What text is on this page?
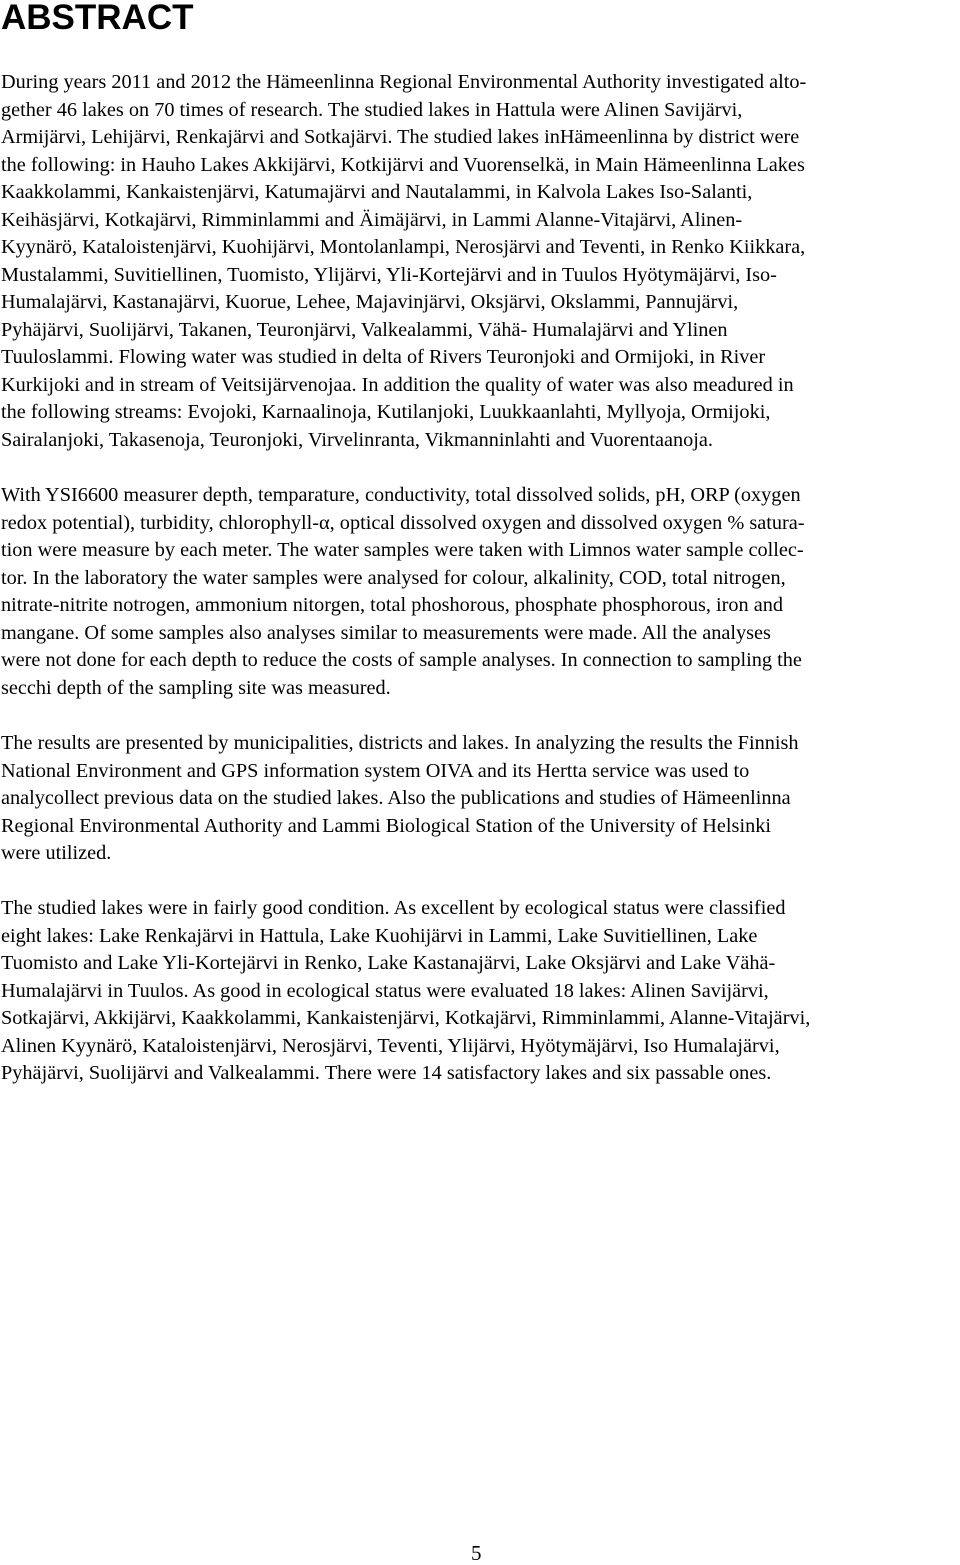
ABSTRACT

During years 2011 and 2012 the Hämeenlinna Regional Environmental Authority investigated alto-
gether 46 lakes on 70 times of research. The studied lakes in Hattula were Alinen Savijärvi,
Armijärvi, Lehijärvi, Renkajärvi and Sotkajärvi. The studied lakes inHämeenlinna by district were
the following: in Hauho Lakes Akkijärvi, Kotkijärvi and Vuorenselkä, in Main Hämeenlinna Lakes
Kaakkolammi, Kankaistenjärvi, Katumajärvi and Nautalammi, in Kalvola Lakes Iso-Salanti,
Keihäsjärvi, Kotkajärvi, Rimminlammi and Äimäjärvi, in Lammi Alanne-Vitajärvi, Alinen-
Kyynärö, Kataloistenjärvi, Kuohijärvi, Montolanlampi, Nerosjärvi and Teventi, in Renko Kiikkara,
Mustalammi, Suvitiellinen, Tuomisto, Ylijärvi, Yli-Kortejärvi and in Tuulos Hyötymäjärvi, Iso-
Humalajärvi, Kastanajärvi, Kuorue, Lehee, Majavinjärvi, Oksjärvi, Okslammi, Pannujärvi,
Pyhäjärvi, Suolijärvi, Takanen, Teuronjärvi, Valkealammi, Vähä- Humalajärvi and Ylinen
Tuuloslammi. Flowing water was studied in delta of Rivers Teuronjoki and Ormijoki, in River
Kurkijoki and in stream of Veitsijärvenojaa. In addition the quality of water was also meadured in
the following streams: Evojoki, Karnaalinoja, Kutilanjoki, Luukkaanlahti, Myllyoja, Ormijoki,
Sairalanjoki, Takasenoja, Teuronjoki, Virvelinranta, Vikmanninlahti and Vuorentaanoja.

With YSI6600 measurer depth, temparature, conductivity, total dissolved solids, pH, ORP (oxygen
redox potential), turbidity, chlorophyll-α, optical dissolved oxygen and dissolved oxygen % satura-
tion were measure by each meter. The water samples were taken with Limnos water sample collec-
tor. In the laboratory the water samples were analysed for colour, alkalinity, COD, total nitrogen,
nitrate-nitrite notrogen, ammonium nitorgen, total phoshorous, phosphate phosphorous, iron and
mangane. Of some samples also analyses similar to measurements were made. All the analyses
were not done for each depth to reduce the costs of sample analyses. In connection to sampling the
secchi depth of the sampling site was measured.

The results are presented by municipalities, districts and lakes. In analyzing the results the Finnish
National Environment and GPS information system OIVA and its Hertta service was used to
analycollect previous data on the studied lakes. Also the publications and studies of Hämeenlinna
Regional Environmental Authority and Lammi Biological Station of the University of Helsinki
were utilized.

The studied lakes were in fairly good condition. As excellent by ecological status were classified
eight lakes: Lake Renkajärvi in Hattula, Lake Kuohijärvi in Lammi, Lake Suvitiellinen, Lake
Tuomisto and Lake Yli-Kortejärvi in Renko, Lake Kastanajärvi, Lake Oksjärvi and Lake Vähä-
Humalajärvi in Tuulos. As good in ecological status were evaluated 18 lakes: Alinen Savijärvi,
Sotkajärvi, Akkijärvi, Kaakkolammi, Kankaistenjärvi, Kotkajärvi, Rimminlammi, Alanne-Vitajärvi,
Alinen Kyynärö, Kataloistenjärvi, Nerosjärvi, Teventi, Ylijärvi, Hyötymäjärvi, Iso Humalajärvi,
Pyhäjärvi, Suolijärvi and Valkealammi. There were 14 satisfactory lakes and six passable ones.

5
